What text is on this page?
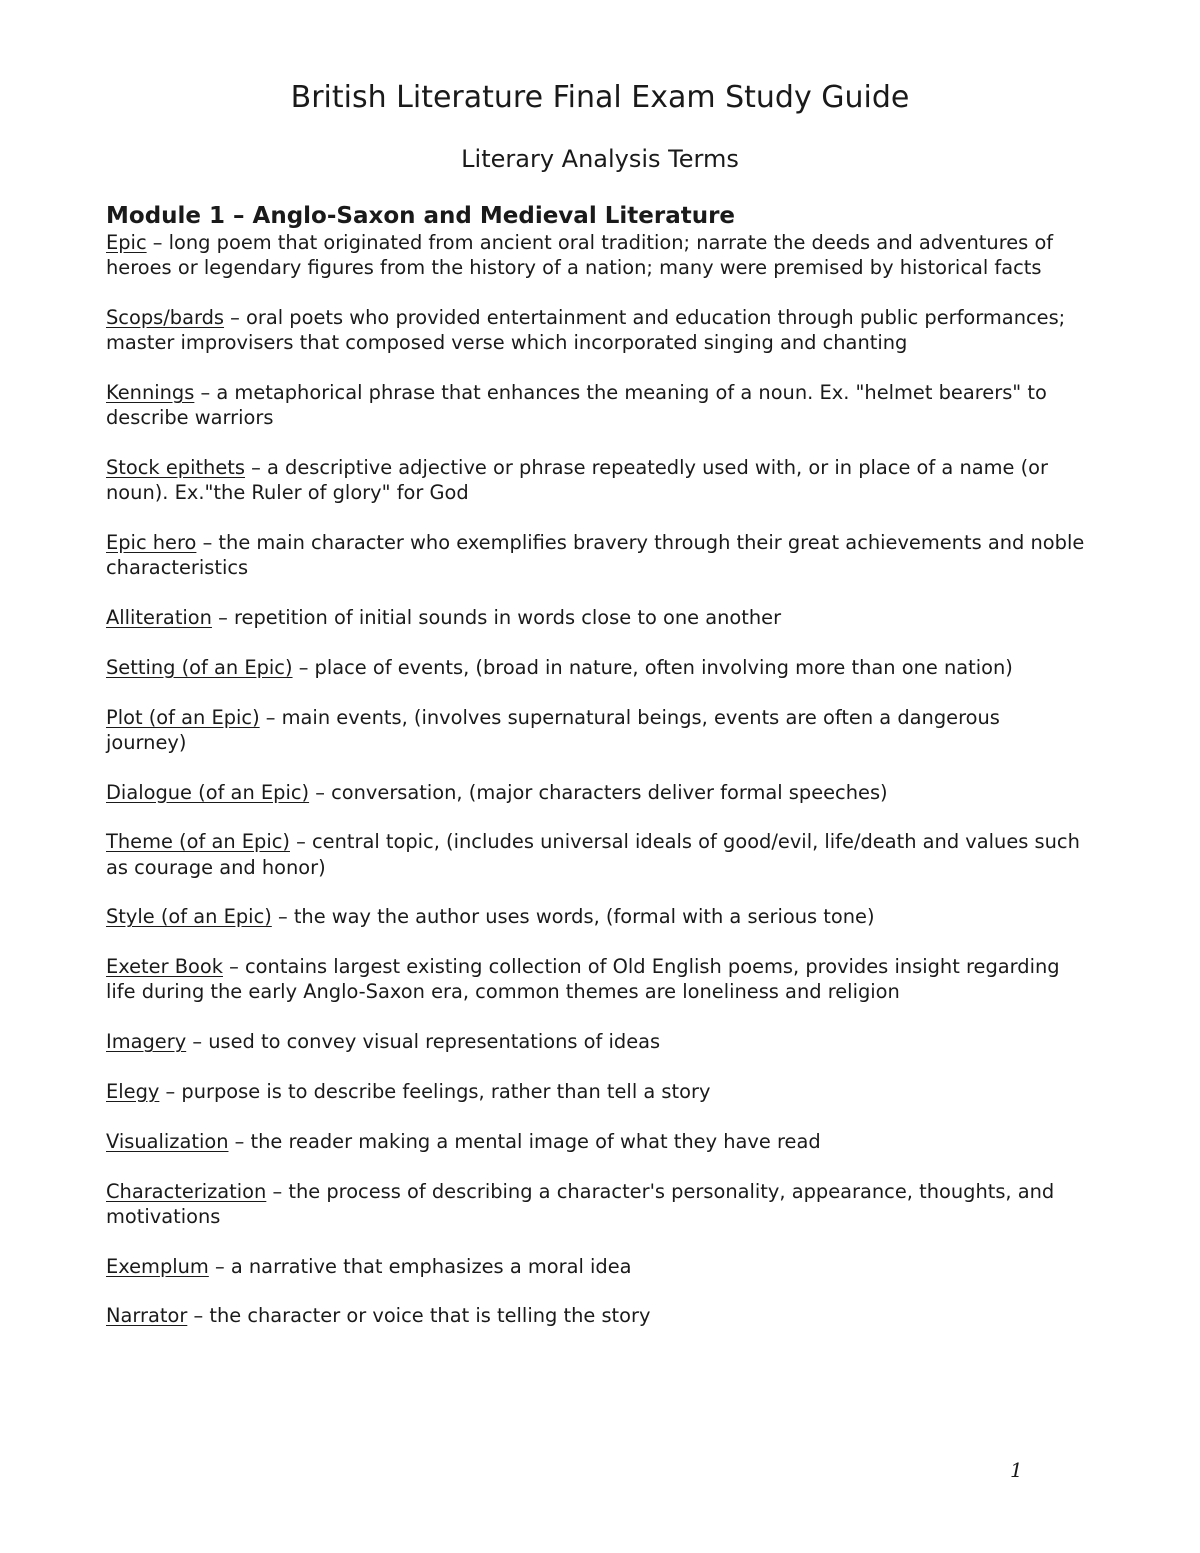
British Literature Final Exam Study Guide
Literary Analysis Terms
Module 1 – Anglo-Saxon and Medieval Literature
Epic – long poem that originated from ancient oral tradition; narrate the deeds and adventures of heroes or legendary figures from the history of a nation; many were premised by historical facts
Scops/bards – oral poets who provided entertainment and education through public performances; master improvisers that composed verse which incorporated singing and chanting
Kennings – a metaphorical phrase that enhances the meaning of a noun. Ex. "helmet bearers" to describe warriors
Stock epithets – a descriptive adjective or phrase repeatedly used with, or in place of a name (or noun). Ex."the Ruler of glory" for God
Epic hero – the main character who exemplifies bravery through their great achievements and noble characteristics
Alliteration – repetition of initial sounds in words close to one another
Setting (of an Epic) – place of events, (broad in nature, often involving more than one nation)
Plot (of an Epic) – main events, (involves supernatural beings, events are often a dangerous journey)
Dialogue (of an Epic) – conversation, (major characters deliver formal speeches)
Theme (of an Epic) – central topic, (includes universal ideals of good/evil, life/death and values such as courage and honor)
Style (of an Epic) – the way the author uses words, (formal with a serious tone)
Exeter Book – contains largest existing collection of Old English poems, provides insight regarding life during the early Anglo-Saxon era, common themes are loneliness and religion
Imagery – used to convey visual representations of ideas
Elegy – purpose is to describe feelings, rather than tell a story
Visualization – the reader making a mental image of what they have read
Characterization – the process of describing a character's personality, appearance, thoughts, and motivations
Exemplum – a narrative that emphasizes a moral idea
Narrator – the character or voice that is telling the story
1
